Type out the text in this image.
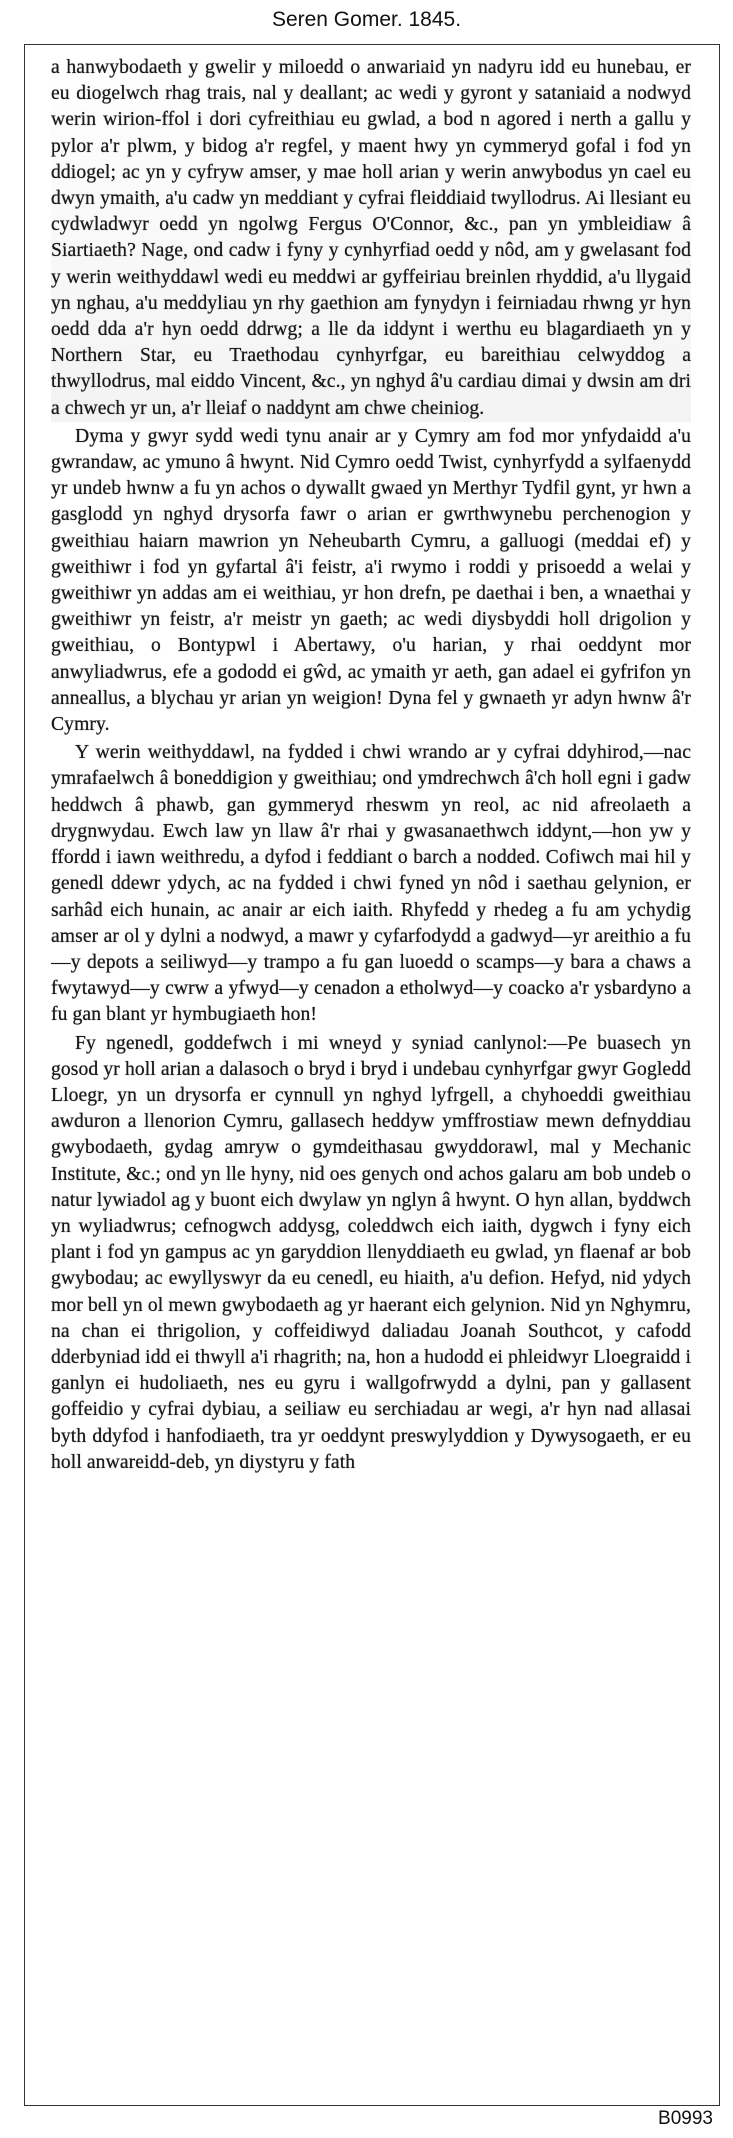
Seren Gomer. 1845.

a hanwybodaeth y gwelir y miloedd o anwariaid yn nadyru idd eu hunebau, er eu diogelwch rhag trais, nal y deallant; ac wedi y gyront y sataniaid a nodwyd werin wirion-ffol i dori cyfreithiau eu gwlad, a bod n agored i nerth a gallu y pylor a'r plwm, y bidog a'r regfel, y maent hwy yn cymmeryd gofal i fod yn ddiogel; ac yn y cyfryw amser, y mae holl arian y werin anwybodus yn cael eu dwyn ymaith, a'u cadw yn meddiant y cyfrai fleiddiaid twyllodrus. Ai llesiant eu cydwladwyr oedd yn ngolwg Fergus O'Connor, &c., pan yn ymbleidiaw â Siartiaeth? Nage, ond cadw i fyny y cynhyrfiad oedd y nôd, am y gwelasant fod y werin weithyddawl wedi eu meddwi ar gyffeiriau breinlen rhyddid, a'u llygaid yn nghau, a'u meddyliau yn rhy gaethion am fynydyn i feirniadau rhwng yr hyn oedd dda a'r hyn oedd ddrwg; a lle da iddynt i werthu eu blagardiaeth yn y Northern Star, eu Traethodau cynhyrfgar, eu bareithiau celwyddog a thwyllodrus, mal eiddo Vincent, &c., yn nghyd â'u cardiau dimai y dwsin am dri a chwech yr un, a'r lleiaf o naddynt am chwe cheiniog.

Dyma y gwyr sydd wedi tynu anair ar y Cymry am fod mor ynfydaidd a'u gwrandaw, ac ymuno â hwynt. Nid Cymro oedd Twist, cynhyrfydd a sylfaenydd yr undeb hwnw a fu yn achos o dywallt gwaed yn Merthyr Tydfil gynt, yr hwn a gasglodd yn nghyd drysorfa fawr o arian er gwrthwynebu perchenogion y gweithiau haiarn mawrion yn Neheubarth Cymru, a galluogi (meddai ef) y gweithiwr i fod yn gyfartal â'i feistr, a'i rwymo i roddi y prisoedd a welai y gweithiwr yn addas am ei weithiau, yr hon drefn, pe daethai i ben, a wnaethai y gweithiwr yn feistr, a'r meistr yn gaeth; ac wedi diysbyddi holl drigolion y gweithiau, o Bontypwl i Abertawy, o'u harian, y rhai oeddynt mor anwyliadwrus, efe a gododd ei gŵd, ac ymaith yr aeth, gan adael ei gyfrifon yn anneallus, a blychau yr arian yn weigion! Dyna fel y gwnaeth yr adyn hwnw â'r Cymry.

Y werin weithyddawl, na fydded i chwi wrando ar y cyfrai ddyhirod,—nac ymrafaelwch â boneddigion y gweithiau; ond ymdrechwch â'ch holl egni i gadw heddwch â phawb, gan gymmeryd rheswm yn reol, ac nid afreolaeth a drygnwydau. Ewch law yn llaw â'r rhai y gwasanaethwch iddynt,—hon yw y ffordd i iawn weithredu, a dyfod i feddiant o barch a nodded. Cofiwch mai hil y genedl ddewr ydych, ac na fydded i chwi fyned yn nôd i saethau gelynion, er sarhâd eich hunain, ac anair ar eich iaith. Rhyfedd y rhedeg a fu am ychydig amser ar ol y dylni a nodwyd, a mawr y cyfarfodydd a gadwyd—yr areithio a fu—y depots a seiliwyd—y trampo a fu gan luoedd o scamps—y bara a chaws a fwytawyd—y cwrw a yfwyd—y cenadon a etholwyd—y coacko a'r ysbardyno a fu gan blant yr hymbugiaeth hon!

Fy ngenedl, goddefwch i mi wneyd y syniad canlynol:—Pe buasech yn gosod yr holl arian a dalasoch o bryd i bryd i undebau cynhyrfgar gwyr Gogledd Lloegr, yn un drysorfa er cynnull yn nghyd lyfrgell, a chyhoeddi gweithiau awduron a llenorion Cymru, gallasech heddyw ymffrostiaw mewn defnyddiau gwybodaeth, gydag amryw o gymdeithasau gwyddorawl, mal y Mechanic Institute, &c.; ond yn lle hyny, nid oes genych ond achos galaru am bob undeb o natur lywiadol ag y buont eich dwylaw yn nglyn â hwynt. O hyn allan, byddwch yn wyliadwrus; cefnogwch addysg, coleddwch eich iaith, dygwch i fyny eich plant i fod yn gampus ac yn garyddion llenyddiaeth eu gwlad, yn flaenaf ar bob gwybodau; ac ewyllyswyr da eu cenedl, eu hiaith, a'u defion. Hefyd, nid ydych mor bell yn ol mewn gwybodaeth ag yr haerant eich gelynion. Nid yn Nghymru, na chan ei thrigolion, y coffeidiwyd daliadau Joanah Southcot, y cafodd dderbyniad idd ei thwyll a'i rhagrith; na, hon a hudodd ei phleidwyr Lloegraidd i ganlyn ei hudoliaeth, nes eu gyru i wallgofrwydd a dylni, pan y gallasent goffeidio y cyfrai dybiau, a seiliaw eu serchiadau ar wegi, a'r hyn nad allasai byth ddyfod i hanfodiaeth, tra yr oeddynt preswylyddion y Dywysogaeth, er eu holl anwareidd-deb, yn diystyru y fath

B0993
